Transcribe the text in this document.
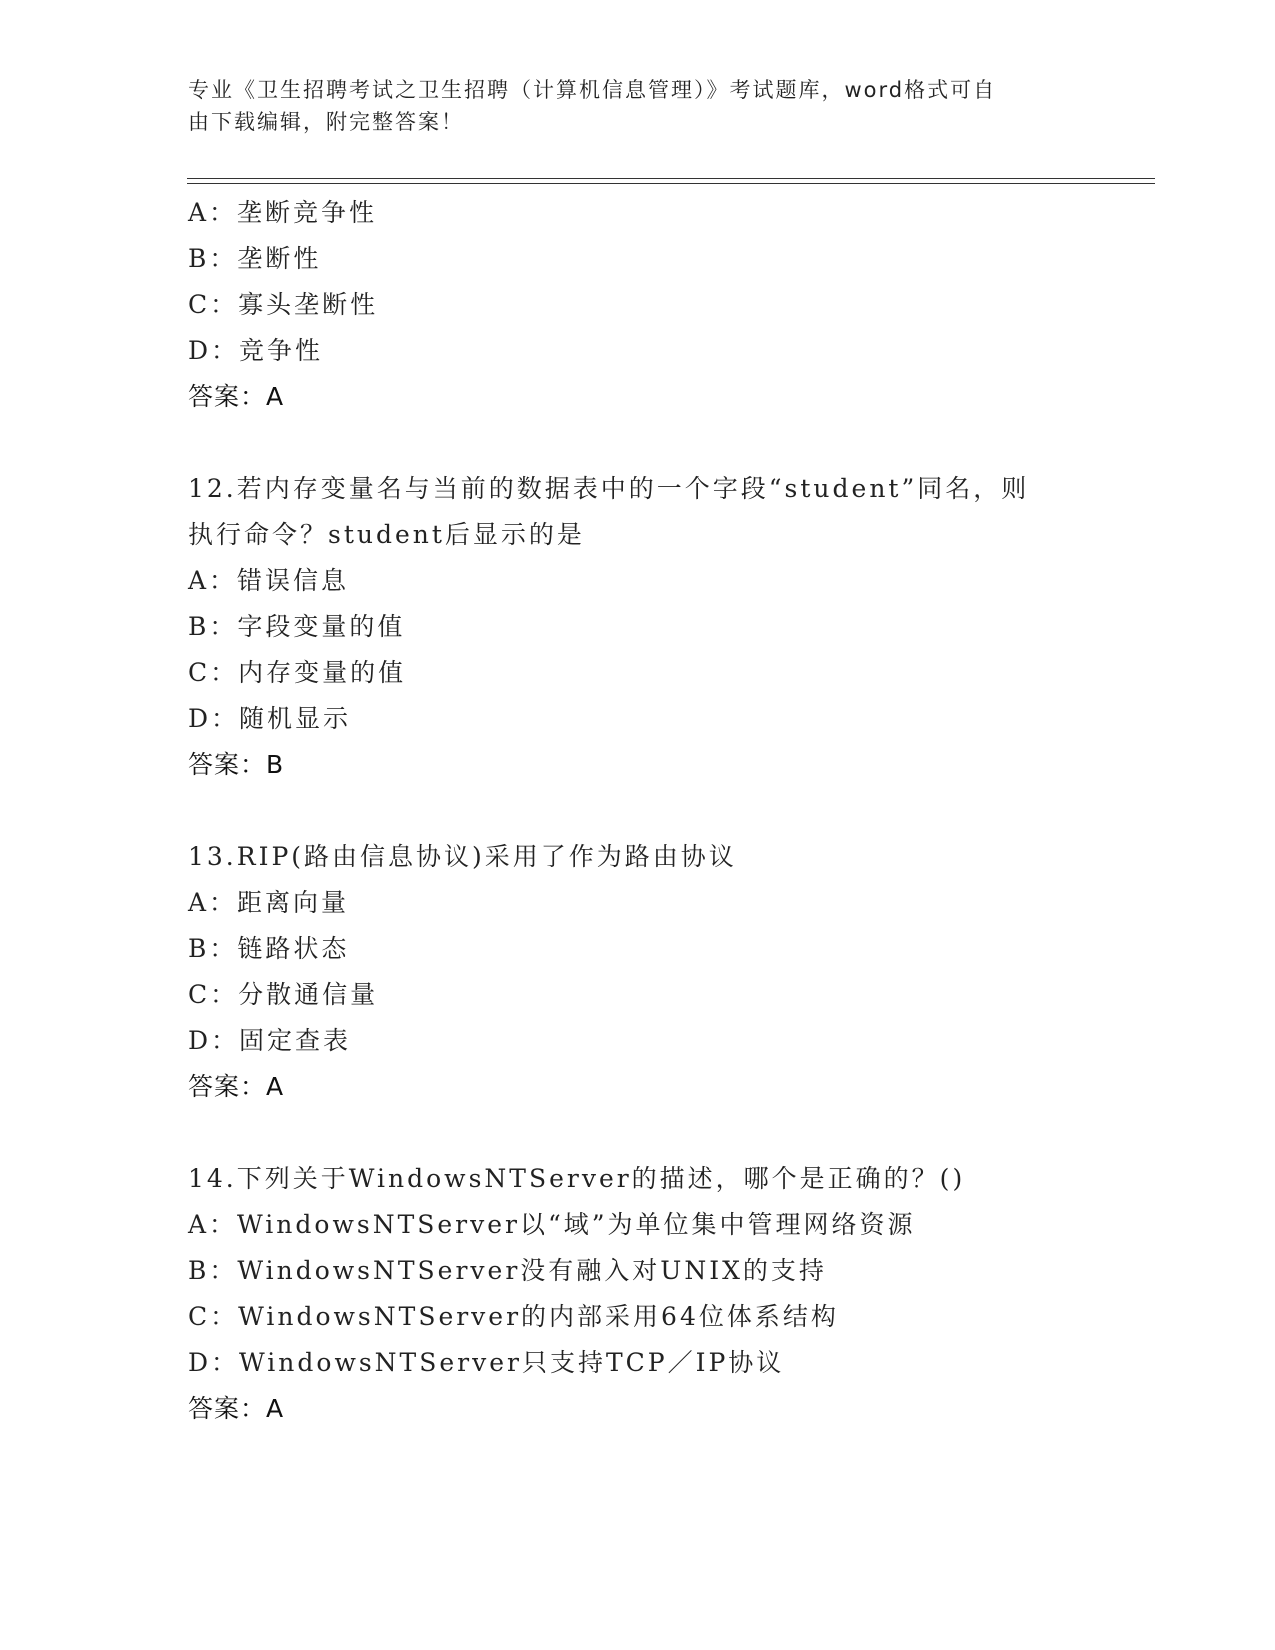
专业《卫生招聘考试之卫生招聘（计算机信息管理）》考试题库，word格式可自
由下载编辑，附完整答案！
A：垄断竞争性
B：垄断性
C：寡头垄断性
D：竞争性
答案：A
12.若内存变量名与当前的数据表中的一个字段“student”同名，则
执行命令？student后显示的是
A：错误信息
B：字段变量的值
C：内存变量的值
D：随机显示
答案：B
13.RIP(路由信息协议)采用了作为路由协议
A：距离向量
B：链路状态
C：分散通信量
D：固定查表
答案：A
14.下列关于WindowsNTServer的描述，哪个是正确的？()
A：WindowsNTServer以“域”为单位集中管理网络资源
B：WindowsNTServer没有融入对UNIX的支持
C：WindowsNTServer的内部采用64位体系结构
D：WindowsNTServer只支持TCP／IP协议
答案：A
